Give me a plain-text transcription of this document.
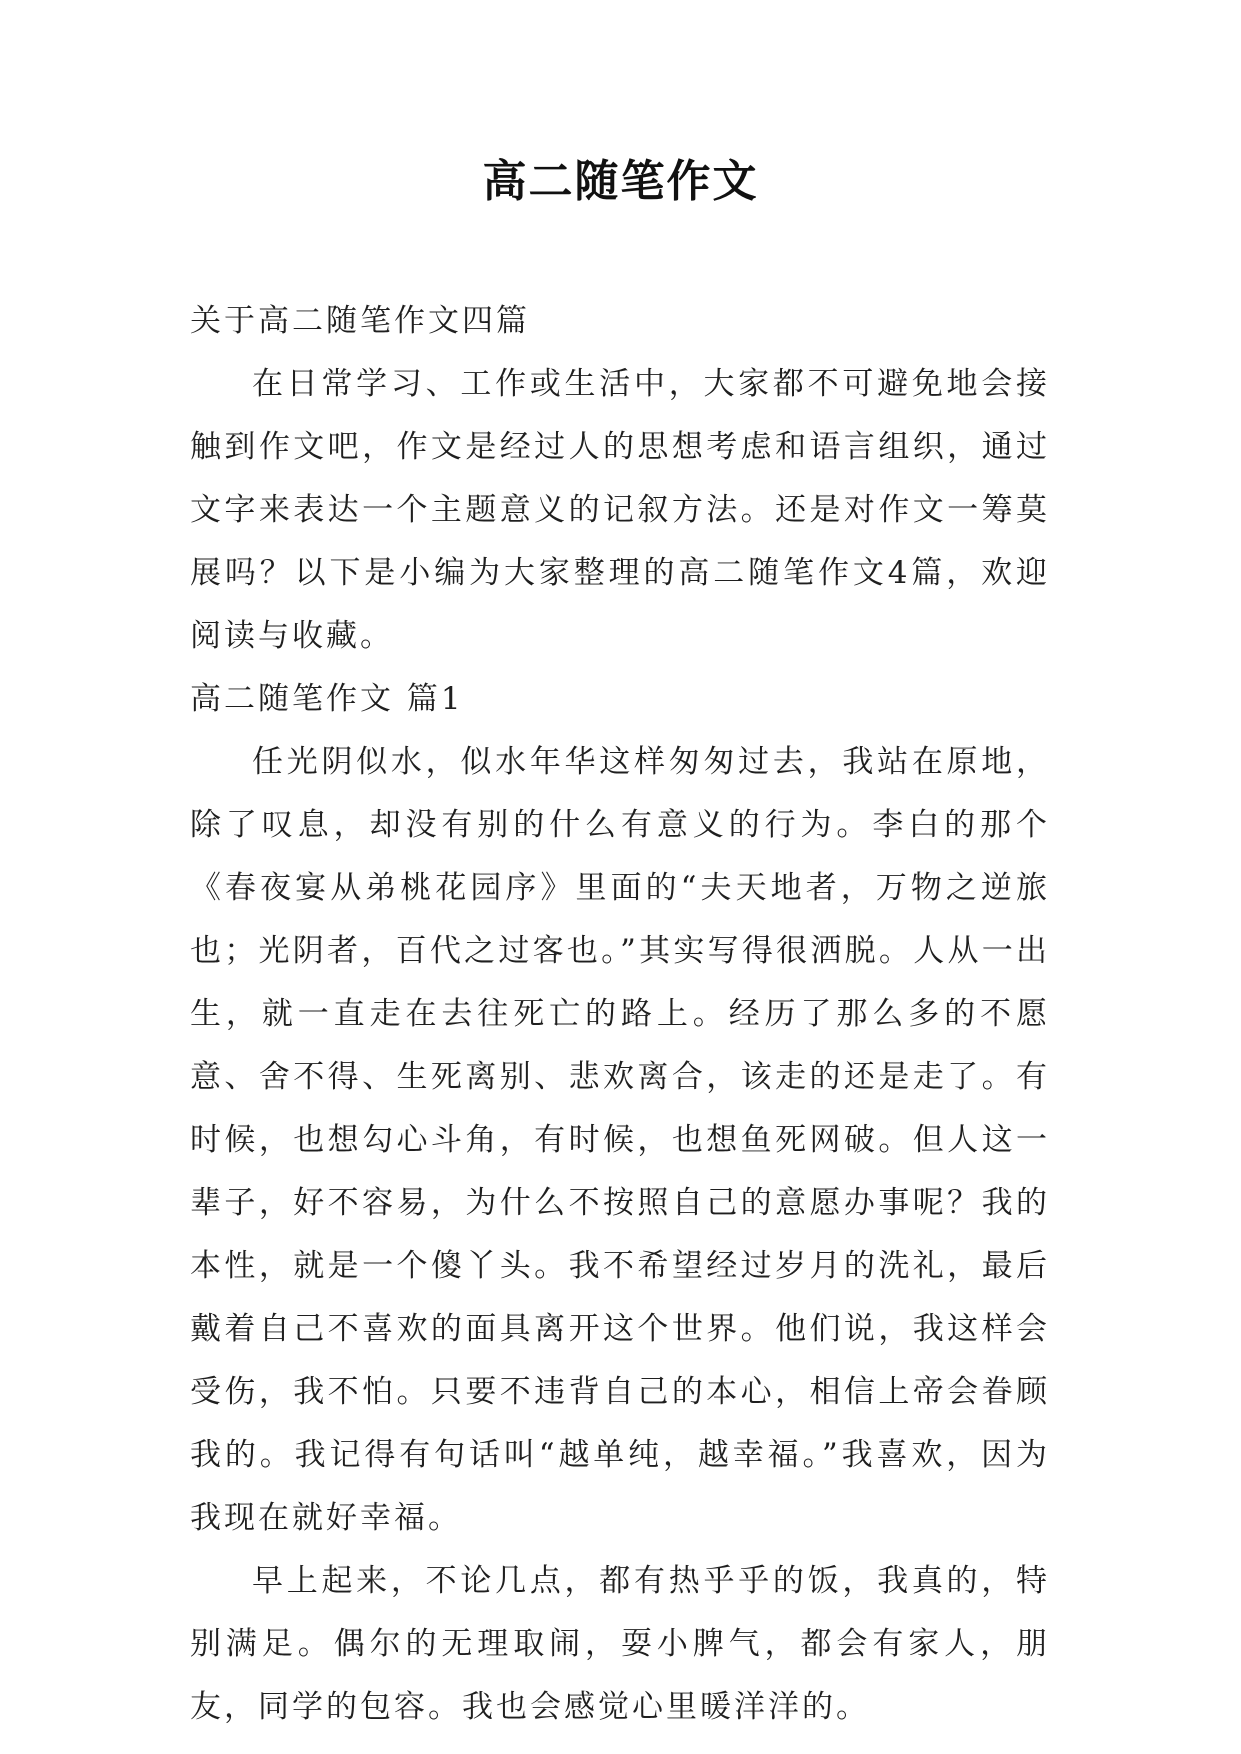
高二随笔作文

关于高二随笔作文四篇

在日常学习、工作或生活中，大家都不可避免地会接触到作文吧，作文是经过人的思想考虑和语言组织，通过文字来表达一个主题意义的记叙方法。还是对作文一筹莫展吗？以下是小编为大家整理的高二随笔作文4篇，欢迎阅读与收藏。

高二随笔作文 篇1

任光阴似水，似水年华这样匆匆过去，我站在原地，除了叹息，却没有别的什么有意义的行为。李白的那个《春夜宴从弟桃花园序》里面的“夫天地者，万物之逆旅也；光阴者，百代之过客也。”其实写得很洒脱。人从一出生，就一直走在去往死亡的路上。经历了那么多的不愿意、舍不得、生死离别、悲欢离合，该走的还是走了。有时候，也想勾心斗角，有时候，也想鱼死网破。但人这一辈子，好不容易，为什么不按照自己的意愿办事呢？我的本性，就是一个傻丫头。我不希望经过岁月的洗礼，最后戴着自己不喜欢的面具离开这个世界。他们说，我这样会受伤，我不怕。只要不违背自己的本心，相信上帝会眷顾我的。我记得有句话叫“越单纯，越幸福。”我喜欢，因为我现在就好幸福。

早上起来，不论几点，都有热乎乎的饭，我真的，特别满足。偶尔的无理取闹，耍小脾气，都会有家人，朋友，同学的包容。我也会感觉心里暖洋洋的。
